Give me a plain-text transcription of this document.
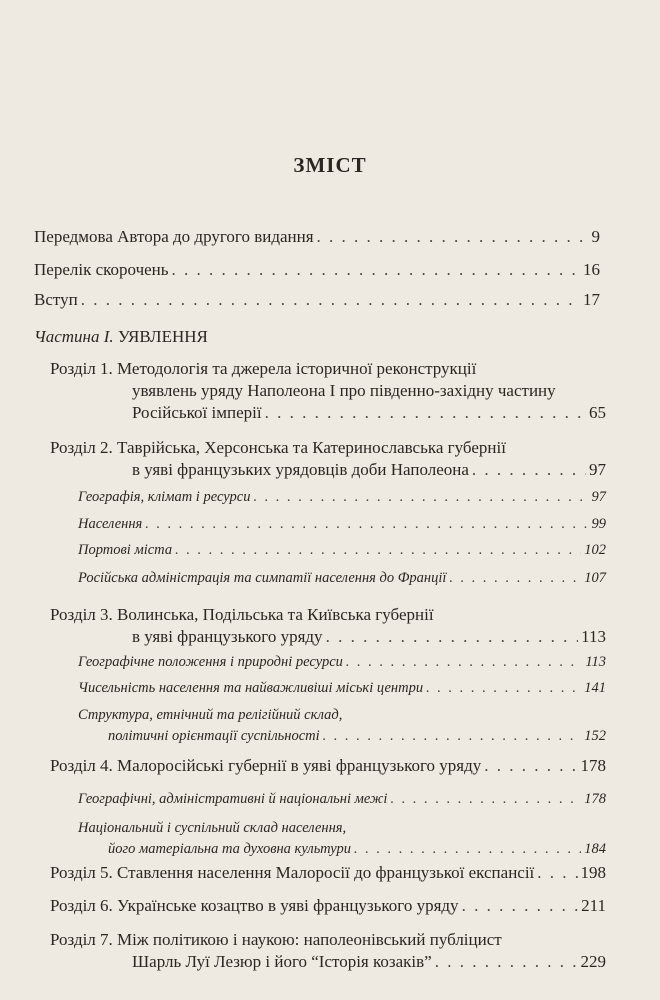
ЗМІСТ
Передмова Автора до другого видання . . .	9
Перелік скорочень . . .	16
Вступ . . .	17
Частина І. УЯВЛЕННЯ
Розділ 1. Методологія та джерела історичної реконструкції
увявлень уряду Наполеона І про південно-західну частину
Російської імперії . . .	65
Розділ 2. Таврійська, Херсонська та Катеринославська губернії
в уяві французьких урядовців доби Наполеона . . .	97
Географія, клімат і ресурси . . .	97
Населення . . .	99
Портові міста . . .	102
Російська адміністрація та симпатії населення до Франції . . .	107
Розділ 3. Волинська, Подільська та Київська губернії
в уяві французького уряду . . .	113
Географічне положення і природні ресурси . . .	113
Чисельність населення та найважливіші міські центри . . .	141
Структура, етнічний та релігійний склад,
політичні орієнтації суспільності . . .	152
Розділ 4. Малоросійські губернії в уяві французького уряду . . .	178
Географічні, адміністративні й національні межі . . .	178
Національний і суспільний склад населення,
його матеріальна та духовна культури . . .	184
Розділ 5. Ставлення населення Малоросії до французької експансії . . .	198
Розділ 6. Українське козацтво в уяві французького уряду . . .	211
Розділ 7. Між політикою і наукою: наполеонівський публіцист
Шарль Луї Лезюр і його “Історія козаків” . . .	229
